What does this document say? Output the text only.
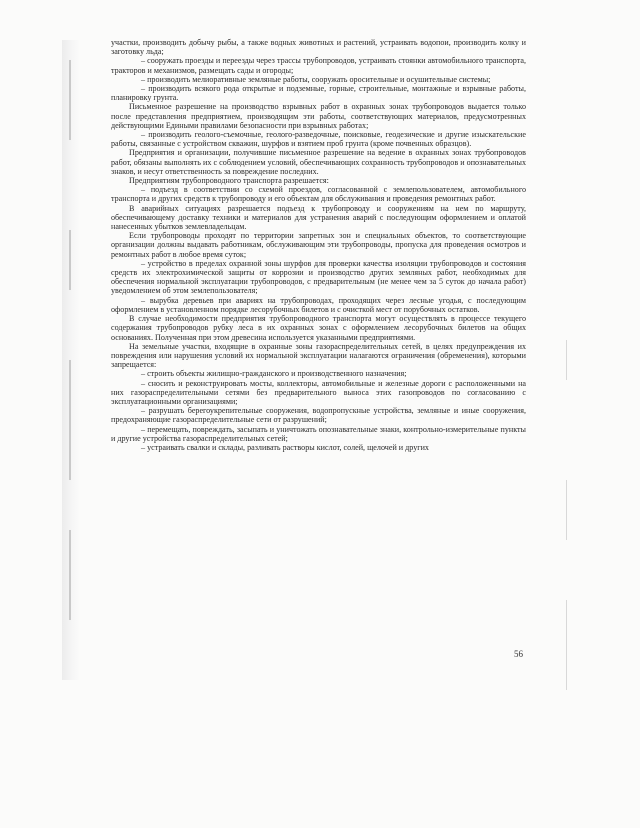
участки, производить добычу рыбы, а также водных животных и растений, устраивать водопои, производить колку и заготовку льда;

– сооружать проезды и переезды через трассы трубопроводов, устраивать стоянки автомобильного транспорта, тракторов и механизмов, размещать сады и огороды;

– производить мелиоративные земляные работы, сооружать оросительные и осушительные системы;

– производить всякого рода открытые и подземные, горные, строительные, монтажные и взрывные работы, планировку грунта.

Письменное разрешение на производство взрывных работ в охранных зонах трубопроводов выдается только после представления предприятием, производящим эти работы, соответствующих материалов, предусмотренных действующими Едиными правилами безопасности при взрывных работах;

– производить геолого-съемочные, геолого-разведочные, поисковые, геодезические и другие изыскательские работы, связанные с устройством скважин, шурфов и взятием проб грунта (кроме почвенных образцов).

Предприятия и организации, получившие письменное разрешение на ведение в охранных зонах трубопроводов работ, обязаны выполнять их с соблюдением условий, обеспечивающих сохранность трубопроводов и опознавательных знаков, и несут ответственность за повреждение последних.

Предприятиям трубопроводного транспорта разрешается:

– подъезд в соответствии со схемой проездов, согласованной с землепользователем, автомобильного транспорта и других средств к трубопроводу и его объектам для обслуживания и проведения ремонтных работ.

В аварийных ситуациях разрешается подъезд к трубопроводу и сооружениям на нем по маршруту, обеспечивающему доставку техники и материалов для устранения аварий с последующим оформлением и оплатой нанесенных убытков землевладельцам.

Если трубопроводы проходят по территории запретных зон и специальных объектов, то соответствующие организации должны выдавать работникам, обслуживающим эти трубопроводы, пропуска для проведения осмотров и ремонтных работ в любое время суток;

– устройство в пределах охранной зоны шурфов для проверки качества изоляции трубопроводов и состояния средств их электрохимической защиты от коррозии и производство других земляных работ, необходимых для обеспечения нормальной эксплуатации трубопроводов, с предварительным (не менее чем за 5 суток до начала работ) уведомлением об этом землепользователя;

– вырубка деревьев при авариях на трубопроводах, проходящих через лесные угодья, с последующим оформлением в установленном порядке лесорубочных билетов и с очисткой мест от порубочных остатков.

В случае необходимости предприятия трубопроводного транспорта могут осуществлять в процессе текущего содержания трубопроводов рубку леса в их охранных зонах с оформлением лесорубочных билетов на общих основаниях. Полученная при этом древесина используется указанными предприятиями.

На земельные участки, входящие в охранные зоны газораспределительных сетей, в целях предупреждения их повреждения или нарушения условий их нормальной эксплуатации налагаются ограничения (обременения), которыми запрещается:

– строить объекты жилищно-гражданского и производственного назначения;

– сносить и реконструировать мосты, коллекторы, автомобильные и железные дороги с расположенными на них газораспределительными сетями без предварительного выноса этих газопроводов по согласованию с эксплуатационными организациями;

– разрушать берегоукрепительные сооружения, водопропускные устройства, земляные и иные сооружения, предохраняющие газораспределительные сети от разрушений;

– перемещать, повреждать, засыпать и уничтожать опознавательные знаки, контрольно-измерительные пункты и другие устройства газораспределительных сетей;

– устраивать свалки и склады, разливать растворы кислот, солей, щелочей и других

56
